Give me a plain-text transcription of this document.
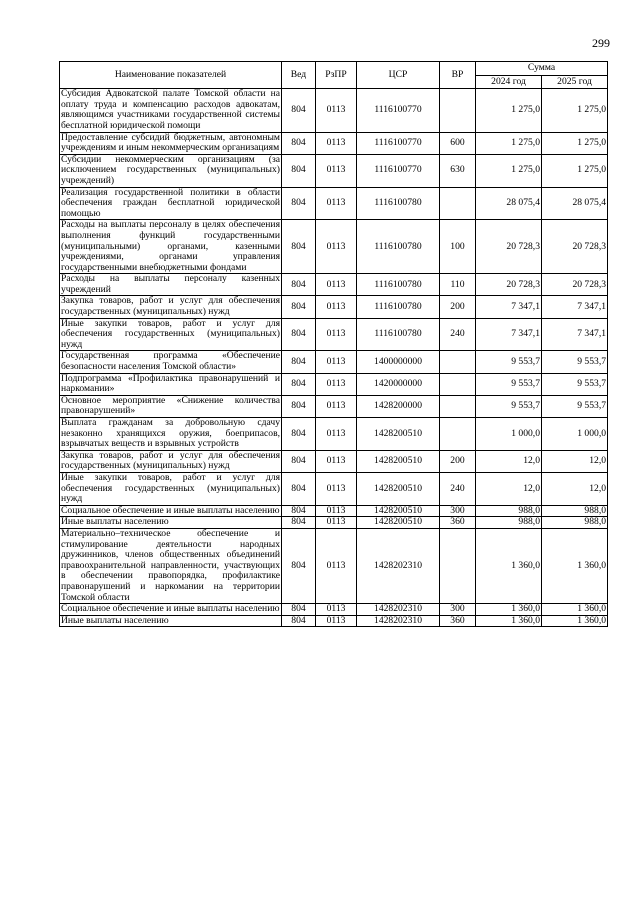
299
Наименование показателей	Вед	РзПР	ЦСР	ВР	Сумма	
					2024 год	2025 год
Субсидия Адвокатской палате Томской области на оплату труда и компенсацию расходов адвокатам, являющимся участниками государственной системы бесплатной юридической помощи	804	0113	1116100770		1 275,0	1 275,0
Предоставление субсидий бюджетным, автономным учреждениям и иным некоммерческим организациям	804	0113	1116100770	600	1 275,0	1 275,0
Субсидии некоммерческим организациям (за исключением государственных (муниципальных) учреждений)	804	0113	1116100770	630	1 275,0	1 275,0
Реализация государственной политики в области обеспечения граждан бесплатной юридической помощью	804	0113	1116100780		28 075,4	28 075,4
Расходы на выплаты персоналу в целях обеспечения выполнения функций государственными (муниципальными) органами, казенными учреждениями, органами управления государственными внебюджетными фондами	804	0113	1116100780	100	20 728,3	20 728,3
Расходы на выплаты персоналу казенных учреждений	804	0113	1116100780	110	20 728,3	20 728,3
Закупка товаров, работ и услуг для обеспечения государственных (муниципальных) нужд	804	0113	1116100780	200	7 347,1	7 347,1
Иные закупки товаров, работ и услуг для обеспечения государственных (муниципальных) нужд	804	0113	1116100780	240	7 347,1	7 347,1
Государственная программа «Обеспечение безопасности населения Томской области»	804	0113	1400000000		9 553,7	9 553,7
Подпрограмма «Профилактика правонарушений и наркомании»	804	0113	1420000000		9 553,7	9 553,7
Основное мероприятие «Снижение количества правонарушений»	804	0113	1428200000		9 553,7	9 553,7
Выплата гражданам за добровольную сдачу незаконно хранящихся оружия, боеприпасов, взрывчатых веществ и взрывных устройств	804	0113	1428200510		1 000,0	1 000,0
Закупка товаров, работ и услуг для обеспечения государственных (муниципальных) нужд	804	0113	1428200510	200	12,0	12,0
Иные закупки товаров, работ и услуг для обеспечения государственных (муниципальных) нужд	804	0113	1428200510	240	12,0	12,0
Социальное обеспечение и иные выплаты населению	804	0113	1428200510	300	988,0	988,0
Иные выплаты населению	804	0113	1428200510	360	988,0	988,0
Материально–техническое обеспечение и стимулирование деятельности народных дружинников, членов общественных объединений правоохранительной направленности, участвующих в обеспечении правопорядка, профилактике правонарушений и наркомании на территории Томской области	804	0113	1428202310		1 360,0	1 360,0
Социальное обеспечение и иные выплаты населению	804	0113	1428202310	300	1 360,0	1 360,0
Иные выплаты населению	804	0113	1428202310	360	1 360,0	1 360,0
